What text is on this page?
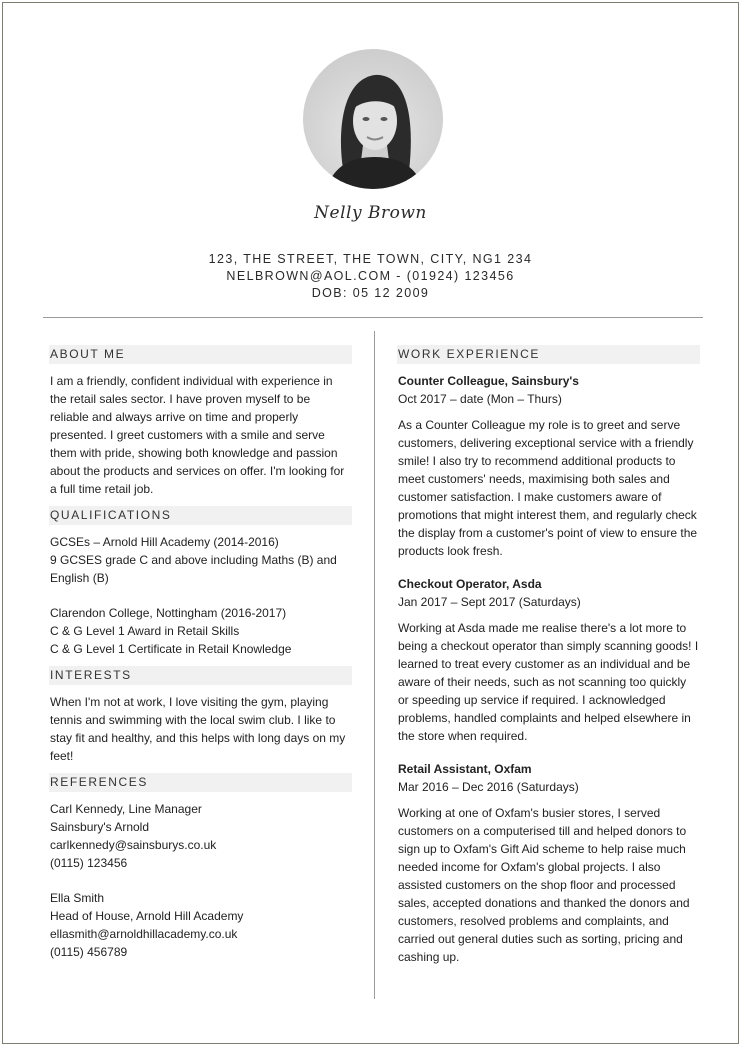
Nelly Brown
123, THE STREET, THE TOWN, CITY, NG1 234
NELBROWN@AOL.COM - (01924) 123456
DOB: 05 12 2009
ABOUT ME

I am a friendly, confident individual with experience in the retail sales sector. I have proven myself to be reliable and always arrive on time and properly presented. I greet customers with a smile and serve them with pride, showing both knowledge and passion about the products and services on offer. I'm looking for a full time retail job.

QUALIFICATIONS
GCSEs – Arnold Hill Academy (2014-2016)
9 GCSES grade C and above including Maths (B) and English (B)
Clarendon College, Nottingham (2016-2017)
C & G Level 1 Award in Retail Skills
C & G Level 1 Certificate in Retail Knowledge
INTERESTS

When I'm not at work, I love visiting the gym, playing tennis and swimming with the local swim club. I like to stay fit and healthy, and this helps with long days on my feet!

REFERENCES
Carl Kennedy, Line Manager
Sainsbury's Arnold
carlkennedy@sainsburys.co.uk
(0115) 123456
Ella Smith
Head of House, Arnold Hill Academy
ellasmith@arnoldhillacademy.co.uk
(0115) 456789
WORK EXPERIENCE
Counter Colleague, Sainsbury's
Oct 2017 – date (Mon – Thurs)

As a Counter Colleague my role is to greet and serve customers, delivering exceptional service with a friendly smile! I also try to recommend additional products to meet customers' needs, maximising both sales and customer satisfaction. I make customers aware of promotions that might interest them, and regularly check the display from a customer's point of view to ensure the products look fresh.

Checkout Operator, Asda
Jan 2017 – Sept 2017 (Saturdays)

Working at Asda made me realise there's a lot more to being a checkout operator than simply scanning goods! I learned to treat every customer as an individual and be aware of their needs, such as not scanning too quickly or speeding up service if required. I acknowledged problems, handled complaints and helped elsewhere in the store when required.

Retail Assistant, Oxfam
Mar 2016 – Dec 2016 (Saturdays)

Working at one of Oxfam's busier stores, I served customers on a computerised till and helped donors to sign up to Oxfam's Gift Aid scheme to help raise much needed income for Oxfam's global projects. I also assisted customers on the shop floor and processed sales, accepted donations and thanked the donors and customers, resolved problems and complaints, and carried out general duties such as sorting, pricing and cashing up.
